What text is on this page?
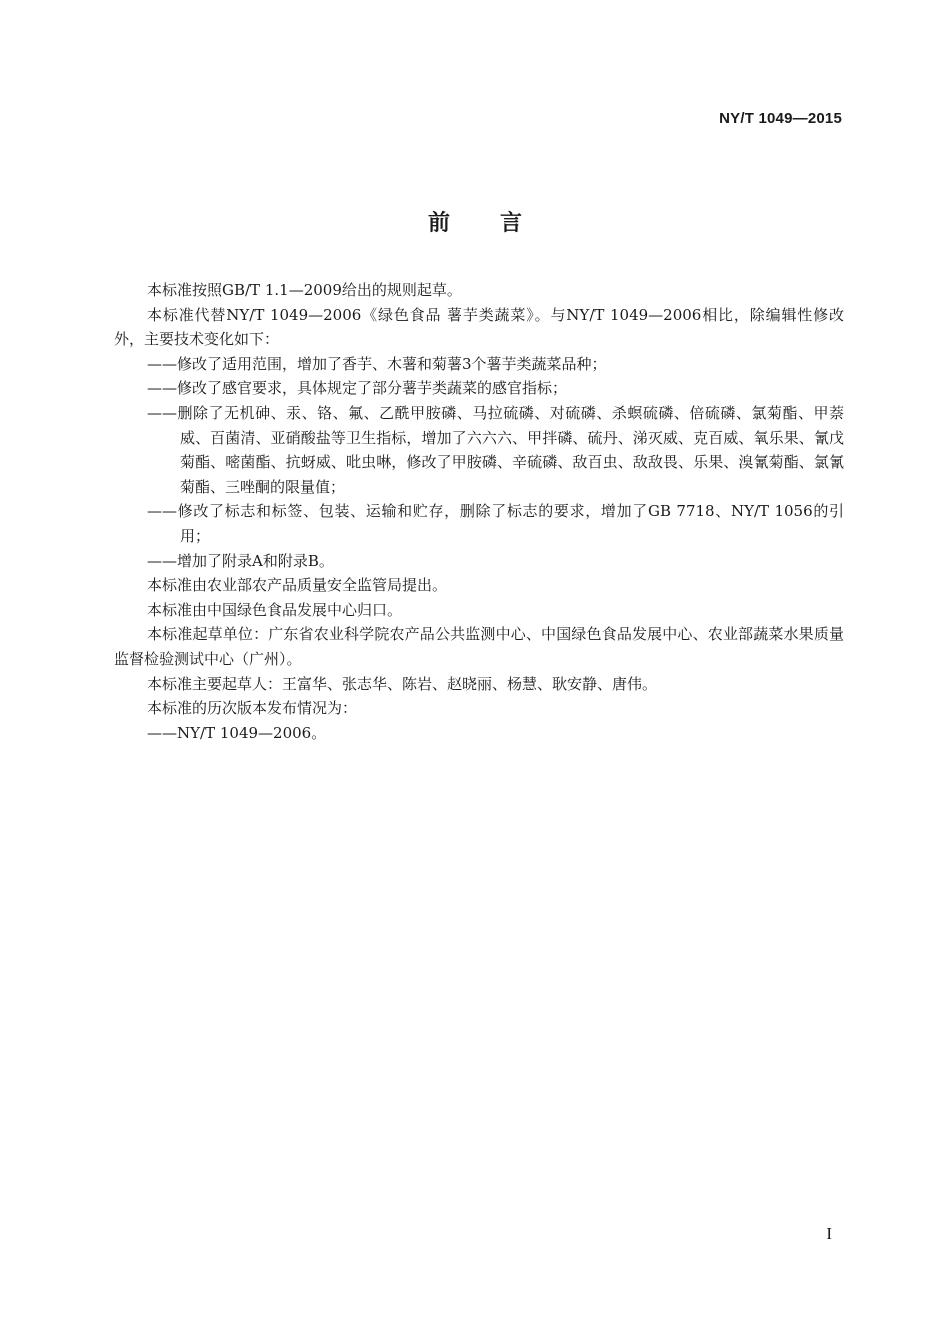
NY/T 1049—2015
前言

本标准按照GB/T 1.1—2009给出的规则起草。

本标准代替NY/T 1049—2006《绿色食品 薯芋类蔬菜》。与NY/T 1049—2006相比，除编辑性修改外，主要技术变化如下：

——修改了适用范围，增加了香芋、木薯和菊薯3个薯芋类蔬菜品种；

——修改了感官要求，具体规定了部分薯芋类蔬菜的感官指标；

——删除了无机砷、汞、铬、氟、乙酰甲胺磷、马拉硫磷、对硫磷、杀螟硫磷、倍硫磷、氯菊酯、甲萘威、百菌清、亚硝酸盐等卫生指标，增加了六六六、甲拌磷、硫丹、涕灭威、克百威、氧乐果、氰戊菊酯、嘧菌酯、抗蚜威、吡虫啉，修改了甲胺磷、辛硫磷、敌百虫、敌敌畏、乐果、溴氰菊酯、氯氰菊酯、三唑酮的限量值；

——修改了标志和标签、包装、运输和贮存，删除了标志的要求，增加了GB 7718、NY/T 1056的引用；

——增加了附录A和附录B。

本标准由农业部农产品质量安全监管局提出。

本标准由中国绿色食品发展中心归口。

本标准起草单位：广东省农业科学院农产品公共监测中心、中国绿色食品发展中心、农业部蔬菜水果质量监督检验测试中心（广州）。

本标准主要起草人：王富华、张志华、陈岩、赵晓丽、杨慧、耿安静、唐伟。

本标准的历次版本发布情况为：

——NY/T 1049—2006。

I
